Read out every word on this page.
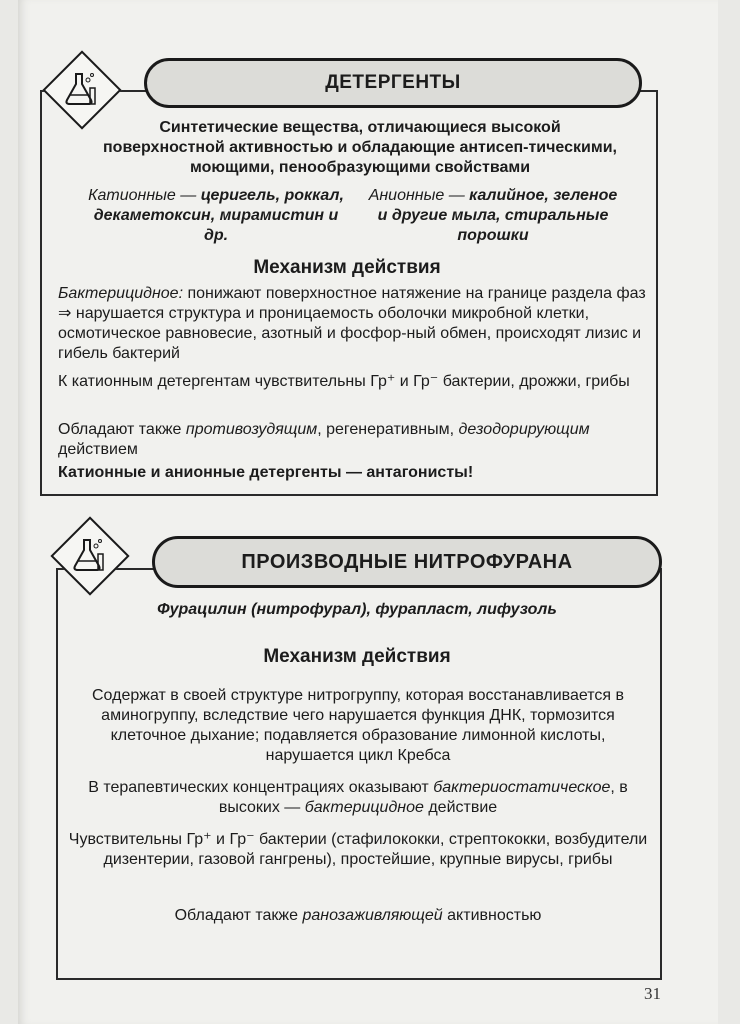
ДЕТЕРГЕНТЫ
Синтетические вещества, отличающиеся высокой поверхностной активностью и обладающие антисеп-тическими, моющими, пенообразующими свойствами
Катионные — церигель, роккал, декаметоксин, мирамистин и др.
Анионные — калийное, зеленое и другие мыла, стиральные порошки
Механизм действия
Бактерицидное: понижают поверхностное натяжение на границе раздела фаз ⇒ нарушается структура и проницаемость оболочки микробной клетки, осмотическое равновесие, азотный и фосфор-ный обмен, происходят лизис и гибель бактерий
К катионным детергентам чувствительны Гр⁺ и Гр⁻ бактерии, дрожжи, грибы
Обладают также противозудящим, регенеративным, дезодорирующим действием
Катионные и анионные детергенты — антагонисты!
ПРОИЗВОДНЫЕ НИТРОФУРАНА
Фурацилин (нитрофурал), фурапласт, лифузоль
Механизм действия
Содержат в своей структуре нитрогруппу, которая восстанавливается в аминогруппу, вследствие чего нарушается функция ДНК, тормозится клеточное дыхание; подавляется образование лимонной кислоты, нарушается цикл Кребса
В терапевтических концентрациях оказывают бактериостатическое, в высоких — бактерицидное действие
Чувствительны Гр⁺ и Гр⁻ бактерии (стафилококки, стрептококки, возбудители дизентерии, газовой гангрены), простейшие, крупные вирусы, грибы
Обладают также ранозаживляющей активностью
31
